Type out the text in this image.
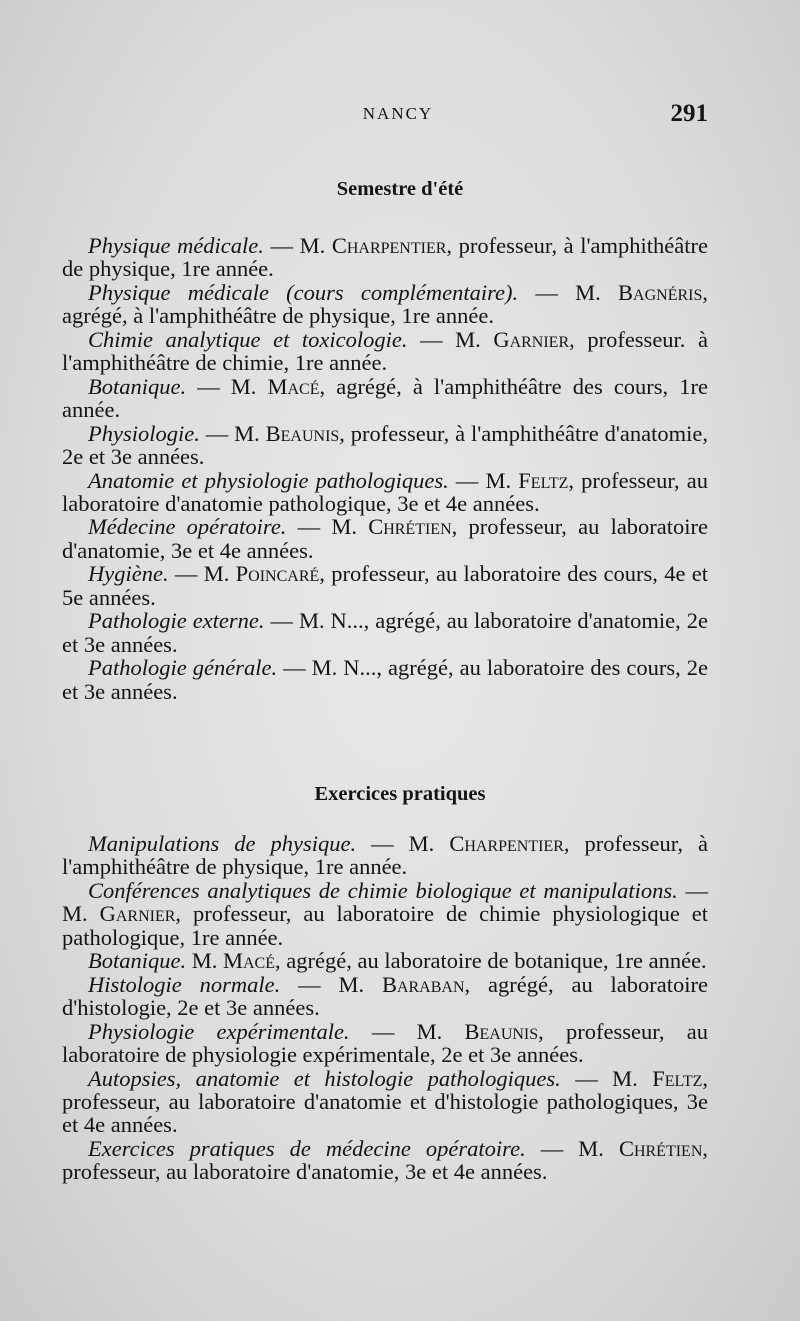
NANCY	291
Semestre d'été

Physique médicale. — M. Charpentier, professeur, à l'amphithéâtre de physique, 1re année.

Physique médicale (cours complémentaire). — M. Bagnéris, agrégé, à l'amphithéâtre de physique, 1re année.

Chimie analytique et toxicologie. — M. Garnier, professeur. à l'amphithéâtre de chimie, 1re année.

Botanique. — M. Macé, agrégé, à l'amphithéâtre des cours, 1re année.

Physiologie. — M. Beaunis, professeur, à l'amphithéâtre d'anatomie, 2e et 3e années.

Anatomie et physiologie pathologiques. — M. Feltz, professeur, au laboratoire d'anatomie pathologique, 3e et 4e années.

Médecine opératoire. — M. Chrétien, professeur, au laboratoire d'anatomie, 3e et 4e années.

Hygiène. — M. Poincaré, professeur, au laboratoire des cours, 4e et 5e années.

Pathologie externe. — M. N..., agrégé, au laboratoire d'anatomie, 2e et 3e années.

Pathologie générale. — M. N..., agrégé, au laboratoire des cours, 2e et 3e années.

Exercices pratiques

Manipulations de physique. — M. Charpentier, professeur, à l'amphithéâtre de physique, 1re année.

Conférences analytiques de chimie biologique et manipulations. — M. Garnier, professeur, au laboratoire de chimie physiologique et pathologique, 1re année.

Botanique. M. Macé, agrégé, au laboratoire de botanique, 1re année.

Histologie normale. — M. Baraban, agrégé, au laboratoire d'histologie, 2e et 3e années.

Physiologie expérimentale. — M. Beaunis, professeur, au laboratoire de physiologie expérimentale, 2e et 3e années.

Autopsies, anatomie et histologie pathologiques. — M. Feltz, professeur, au laboratoire d'anatomie et d'histologie pathologiques, 3e et 4e années.

Exercices pratiques de médecine opératoire. — M. Chrétien, professeur, au laboratoire d'anatomie, 3e et 4e années.
